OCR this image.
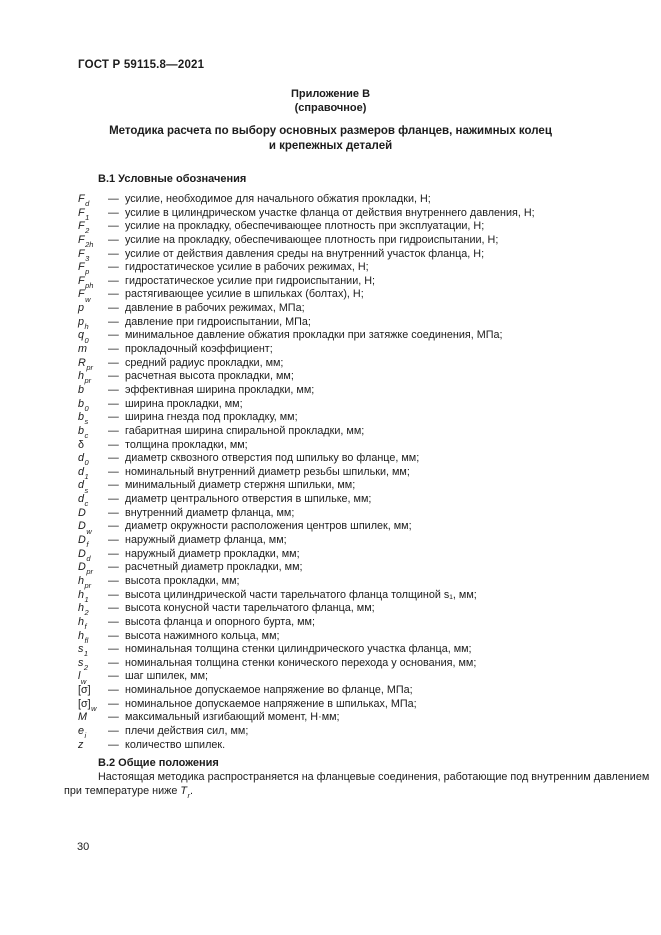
ГОСТ Р 59115.8—2021
Приложение В
(справочное)
Методика расчета по выбору основных размеров фланцев, нажимных колец
и крепежных деталей
В.1 Условные обозначения
$F_d$	— усилие, необходимое для начального обжатия прокладки, Н;
$F_1$	— усилие в цилиндрическом участке фланца от действия внутреннего давления, Н;
$F_2$	— усилие на прокладку, обеспечивающее плотность при эксплуатации, Н;
$F_{2h}$	— усилие на прокладку, обеспечивающее плотность при гидроиспытании, Н;
$F_3$	— усилие от действия давления среды на внутренний участок фланца, Н;
$F_p$	— гидростатическое усилие в рабочих режимах, Н;
$F_{ph}$	— гидростатическое усилие при гидроиспытании, Н;
$F_w$	— растягивающее усилие в шпильках (болтах), Н;
p	— давление в рабочих режимах, МПа;
$p_h$	— давление при гидроиспытании, МПа;
$q_0$	— минимальное давление обжатия прокладки при затяжке соединения, МПа;
m	— прокладочный коэффициент;
$R_{pr}$	— средний радиус прокладки, мм;
$h_{pr}$	— расчетная высота прокладки, мм;
b	— эффективная ширина прокладки, мм;
$b_0$	— ширина прокладки, мм;
$b_s$	— ширина гнезда под прокладку, мм;
$b_c$	— габаритная ширина спиральной прокладки, мм;
δ	— толщина прокладки, мм;
$d_0$	— диаметр сквозного отверстия под шпильку во фланце, мм;
$d_1$	— номинальный внутренний диаметр резьбы шпильки, мм;
$d_s$	— минимальный диаметр стержня шпильки, мм;
$d_c$	— диаметр центрального отверстия в шпильке, мм;
D	— внутренний диаметр фланца, мм;
$D_w$	— диаметр окружности расположения центров шпилек, мм;
$D_f$	— наружный диаметр фланца, мм;
$D_d$	— наружный диаметр прокладки, мм;
$D_{pr}$	— расчетный диаметр прокладки, мм;
$h_{pr}$	— высота прокладки, мм;
$h_1$	— высота цилиндрической части тарельчатого фланца толщиной s₁, мм;
$h_2$	— высота конусной части тарельчатого фланца, мм;
$h_f$	— высота фланца и опорного бурта, мм;
$h_{fl}$	— высота нажимного кольца, мм;
$s_1$	— номинальная толщина стенки цилиндрического участка фланца, мм;
$s_2$	— номинальная толщина стенки конического перехода у основания, мм;
$l_w$	— шаг шпилек, мм;
[σ]	— номинальное допускаемое напряжение во фланце, МПа;
$[\sigma]_w$	— номинальное допускаемое напряжение в шпильках, МПа;
M	— максимальный изгибающий момент, Н·мм;
$e_i$	— плечи действия сил, мм;
z	— количество шпилек.
В.2 Общие положения
Настоящая методика распространяется на фланцевые соединения, работающие под внутренним давлением
при температуре ниже $T_r$.
30
